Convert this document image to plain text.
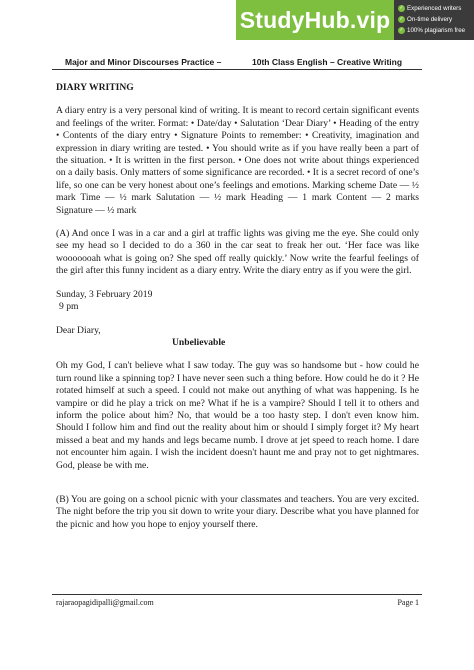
StudyHub.vip ✓ Experienced writers
✓ On-time delivery
✓ 100% plagiarism free
Major and Minor Discourses Practice –	10th Class English – Creative Writing

DIARY WRITING

A diary entry is a very personal kind of writing. It is meant to record certain significant events and feelings of the writer. Format: • Date/day • Salutation ‘Dear Diary’ • Heading of the entry • Contents of the diary entry • Signature Points to remember: • Creativity, imagination and expression in diary writing are tested. • You should write as if you have really been a part of the situation. • It is written in the first person. • One does not write about things experienced on a daily basis. Only matters of some significance are recorded. • It is a secret record of one’s life, so one can be very honest about one’s feelings and emotions. Marking scheme Date — ½ mark Time — ½ mark Salutation — ½ mark Heading — 1 mark Content — 2 marks Signature — ½ mark

(A) And once I was in a car and a girl at traffic lights was giving me the eye. She could only see my head so I decided to do a 360 in the car seat to freak her out. ‘Her face was like wooooooah what is going on? She sped off really quickly.’ Now write the fearful feelings of the girl after this funny incident as a diary entry. Write the diary entry as if you were the girl.

Sunday, 3 February 2019

9 pm

Dear Diary,

Unbelievable

Oh my God, I can't believe what I saw today. The guy was so handsome but - how could he turn round like a spinning top? I have never seen such a thing before. How could he do it ? He rotated himself at such a speed. I could not make out anything of what was happening. Is he vampire or did he play a trick on me? What if he is a vampire? Should I tell it to others and inform the police about him? No, that would be a too hasty step. I don't even know him. Should I follow him and find out the reality about him or should I simply forget it? My heart missed a beat and my hands and legs became numb. I drove at jet speed to reach home. I dare not encounter him again. I wish the incident doesn't haunt me and pray not to get nightmares. God, please be with me.

(B) You are going on a school picnic with your classmates and teachers. You are very excited. The night before the trip you sit down to write your diary. Describe what you have planned for the picnic and how you hope to enjoy yourself there.

rajaraopagidipalli@gmail.com	Page 1
